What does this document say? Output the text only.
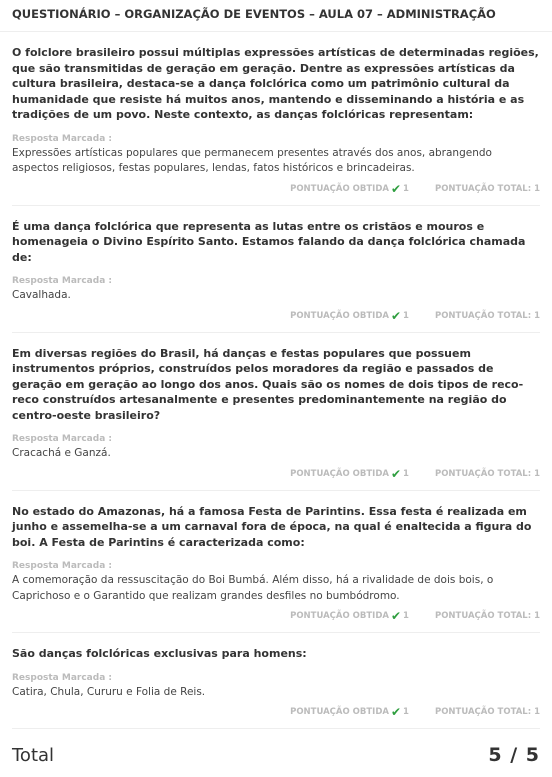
QUESTIONÁRIO – ORGANIZAÇÃO DE EVENTOS – AULA 07 – ADMINISTRAÇÃO
O folclore brasileiro possui múltiplas expressões artísticas de determinadas regiões, que são transmitidas de geração em geração. Dentre as expressões artísticas da cultura brasileira, destaca-se a dança folclórica como um patrimônio cultural da humanidade que resiste há muitos anos, mantendo e disseminando a história e as tradições de um povo. Neste contexto, as danças folclóricas representam:
Resposta Marcada :
Expressões artísticas populares que permanecem presentes através dos anos, abrangendo aspectos religiosos, festas populares, lendas, fatos históricos e brincadeiras.
PONTUAÇÃO OBTIDA ✔ 1	PONTUAÇÃO TOTAL: 1
É uma dança folclórica que representa as lutas entre os cristãos e mouros e homenageia o Divino Espírito Santo. Estamos falando da dança folclórica chamada de:
Resposta Marcada :
Cavalhada.
PONTUAÇÃO OBTIDA ✔ 1	PONTUAÇÃO TOTAL: 1
Em diversas regiões do Brasil, há danças e festas populares que possuem instrumentos próprios, construídos pelos moradores da região e passados de geração em geração ao longo dos anos. Quais são os nomes de dois tipos de reco-reco construídos artesanalmente e presentes predominantemente na região do centro-oeste brasileiro?
Resposta Marcada :
Cracachá e Ganzá.
PONTUAÇÃO OBTIDA ✔ 1	PONTUAÇÃO TOTAL: 1
No estado do Amazonas, há a famosa Festa de Parintins. Essa festa é realizada em junho e assemelha-se a um carnaval fora de época, na qual é enaltecida a figura do boi. A Festa de Parintins é caracterizada como:
Resposta Marcada :
A comemoração da ressuscitação do Boi Bumbá. Além disso, há a rivalidade de dois bois, o Caprichoso e o Garantido que realizam grandes desfiles no bumbódromo.
PONTUAÇÃO OBTIDA ✔ 1	PONTUAÇÃO TOTAL: 1
São danças folclóricas exclusivas para homens:
Resposta Marcada :
Catira, Chula, Cururu e Folia de Reis.
PONTUAÇÃO OBTIDA ✔ 1	PONTUAÇÃO TOTAL: 1
Total	5 / 5
